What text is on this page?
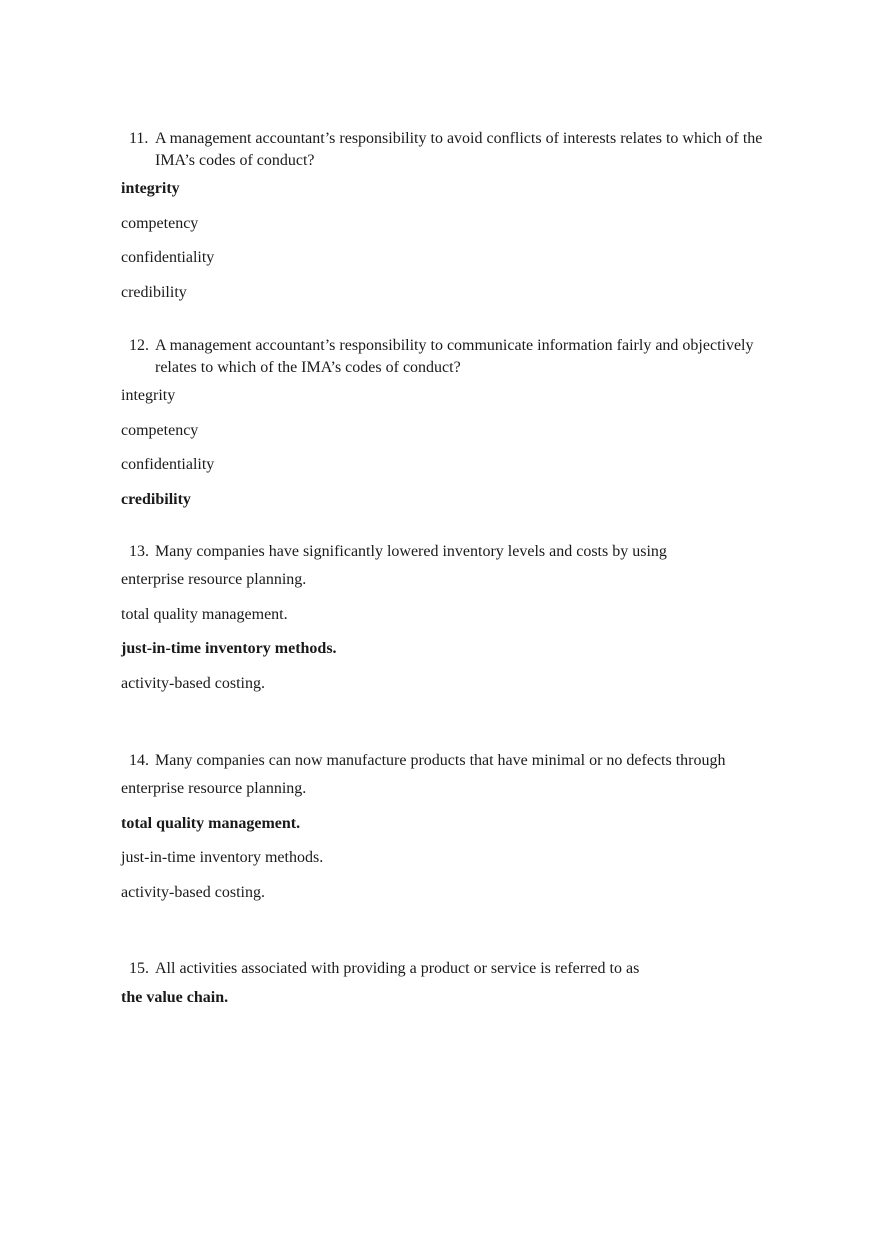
11. A management accountant’s responsibility to avoid conflicts of interests relates to which of the IMA’s codes of conduct?
integrity
competency
confidentiality
credibility
12. A management accountant’s responsibility to communicate information fairly and objectively relates to which of the IMA’s codes of conduct?
integrity
competency
confidentiality
credibility
13. Many companies have significantly lowered inventory levels and costs by using
enterprise resource planning.
total quality management.
just-in-time inventory methods.
activity-based costing.
14. Many companies can now manufacture products that have minimal or no defects through
enterprise resource planning.
total quality management.
just-in-time inventory methods.
activity-based costing.
15. All activities associated with providing a product or service is referred to as
the value chain.
